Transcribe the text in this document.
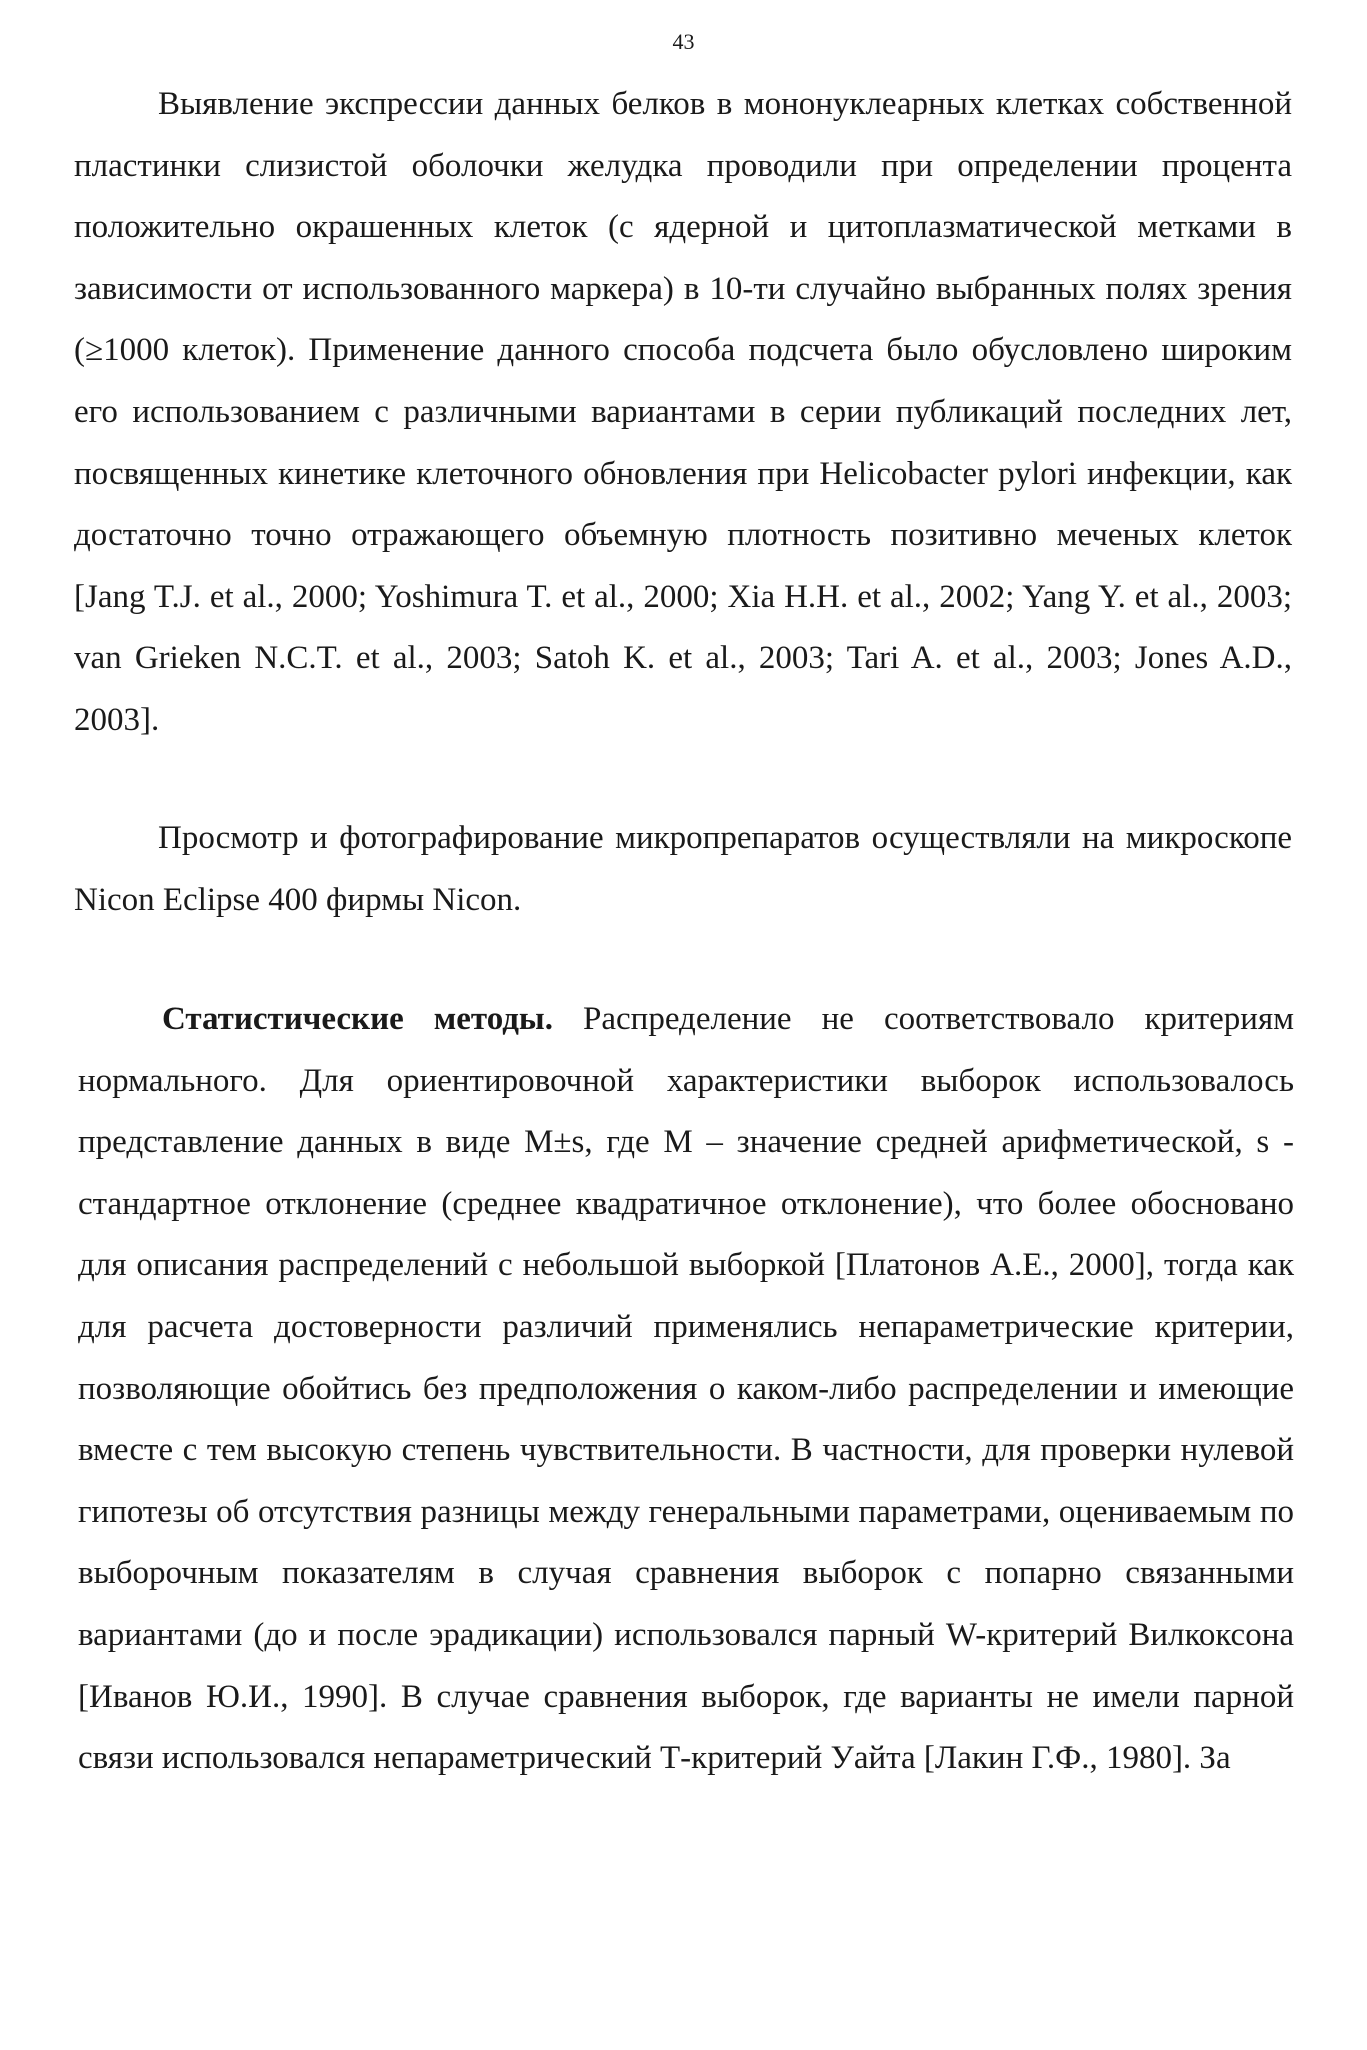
43

Выявление экспрессии данных белков в мононуклеарных клетках собственной пластинки слизистой оболочки желудка проводили при определении процента положительно окрашенных клеток (с ядерной и цитоплазматической метками в зависимости от использованного маркера) в 10-ти случайно выбранных полях зрения (≥1000 клеток). Применение данного способа подсчета было обусловлено широким его использованием с различными вариантами в серии публикаций последних лет, посвященных кинетике клеточного обновления при Helicobacter pylori инфекции, как достаточно точно отражающего объемную плотность позитивно меченых клеток [Jang T.J. et al., 2000; Yoshimura T. et al., 2000; Xia H.H. et al., 2002; Yang Y. et al., 2003; van Grieken N.C.T. et al., 2003; Satoh K. et al., 2003; Tari A. et al., 2003; Jones A.D., 2003].

Просмотр и фотографирование микропрепаратов осуществляли на микроскопе Nicon Eclipse 400 фирмы Nicon.

Статистические методы. Распределение не соответствовало критериям нормального. Для ориентировочной характеристики выборок использовалось представление данных в виде M±s, где М – значение средней арифметической, s - стандартное отклонение (среднее квадратичное отклонение), что более обосновано для описания распределений с небольшой выборкой [Платонов А.Е., 2000], тогда как для расчета достоверности различий применялись непараметрические критерии, позволяющие обойтись без предположения о каком-либо распределении и имеющие вместе с тем высокую степень чувствительности. В частности, для проверки нулевой гипотезы об отсутствия разницы между генеральными параметрами, оцениваемым по выборочным показателям в случая сравнения выборок с попарно связанными вариантами (до и после эрадикации) использовался парный W-критерий Вилкоксона [Иванов Ю.И., 1990]. В случае сравнения выборок, где варианты не имели парной связи использовался непараметрический Т-критерий Уайта [Лакин Г.Ф., 1980]. За
